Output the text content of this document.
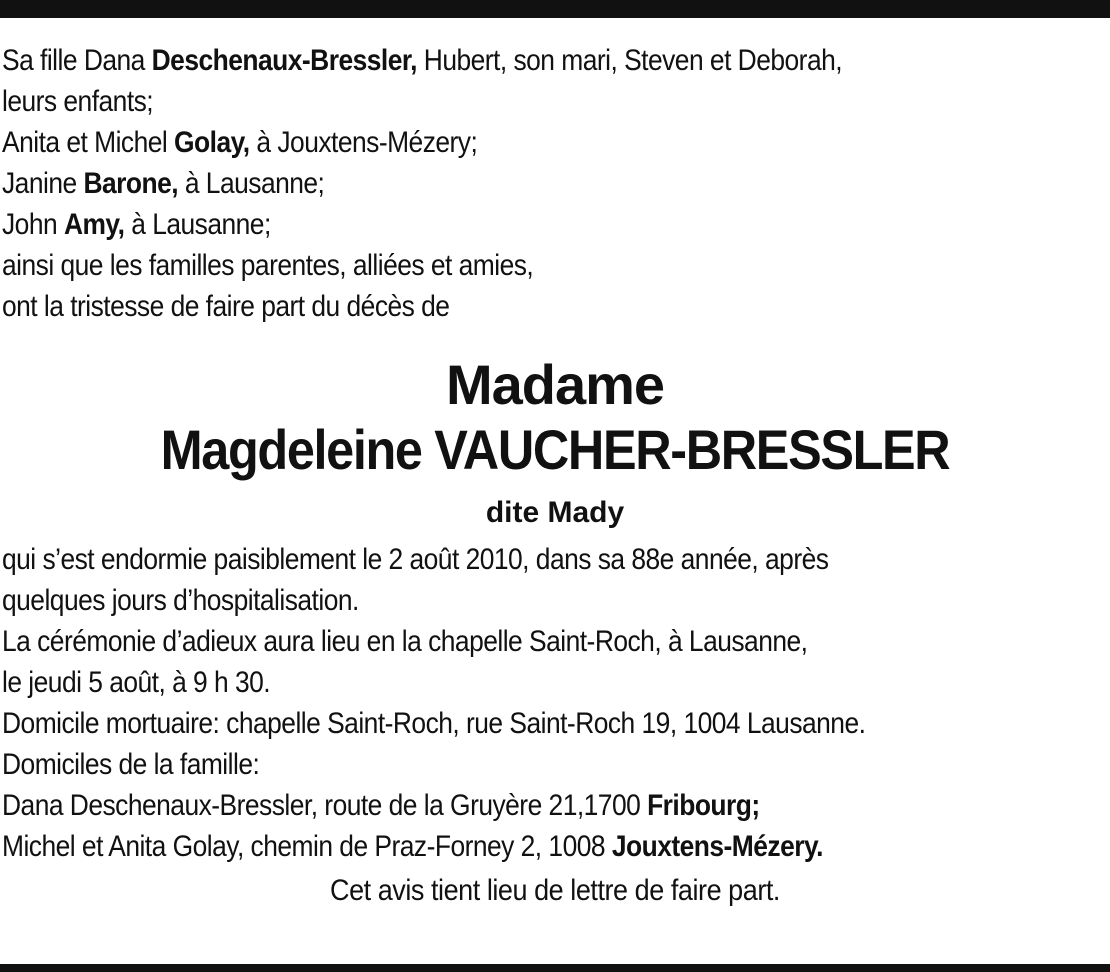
Sa fille Dana Deschenaux-Bressler, Hubert, son mari, Steven et Deborah,
leurs enfants;
Anita et Michel Golay, à Jouxtens-Mézery;
Janine Barone, à Lausanne;
John Amy, à Lausanne;
ainsi que les familles parentes, alliées et amies,
ont la tristesse de faire part du décès de
Madame
Magdeleine VAUCHER-BRESSLER
dite Mady
qui s’est endormie paisiblement le 2 août 2010, dans sa 88e année, après
quelques jours d’hospitalisation.
La cérémonie d’adieux aura lieu en la chapelle Saint-Roch, à Lausanne,
le jeudi 5 août, à 9 h 30.
Domicile mortuaire: chapelle Saint-Roch, rue Saint-Roch 19, 1004 Lausanne.
Domiciles de la famille:
Dana Deschenaux-Bressler, route de la Gruyère 21,1700 Fribourg;
Michel et Anita Golay, chemin de Praz-Forney 2, 1008 Jouxtens-Mézery.
Cet avis tient lieu de lettre de faire part.
